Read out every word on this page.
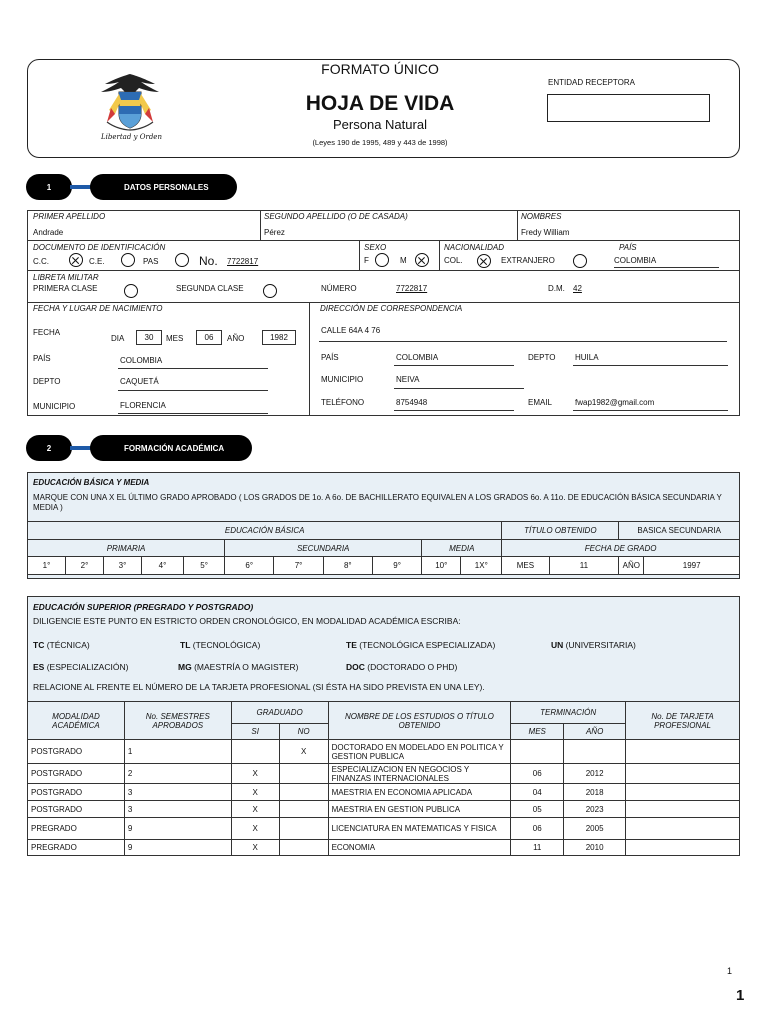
Libertad y Orden
FORMATO ÚNICO
HOJA DE VIDA
Persona Natural
(Leyes 190 de 1995, 489 y 443 de 1998)
ENTIDAD RECEPTORA
1	DATOS PERSONALES
PRIMER APELLIDO
Andrade
SEGUNDO APELLIDO (O DE CASADA)
Pérez
NOMBRES
Fredy William
DOCUMENTO DE IDENTIFICACIÓN
C.C.	C.E.	PAS	No. 7722817
SEXO
F	M
NACIONALIDAD
COL.	EXTRANJERO
PAÍS
COLOMBIA
LIBRETA MILITAR
PRIMERA CLASE	SEGUNDA CLASE	NÚMERO	7722817	D.M. 42
FECHA Y LUGAR DE NACIMIENTO
FECHA
DIA	30	MES	06	AÑO	1982
PAÍS	COLOMBIA
DEPTO	CAQUETÁ
MUNICIPIO	FLORENCIA
DIRECCIÓN DE CORRESPONDENCIA
CALLE 64A 4 76
PAÍS	COLOMBIA	DEPTO HUILA
MUNICIPIO	NEIVA
TELÉFONO	8754948	EMAIL	fwap1982@gmail.com
2	FORMACIÓN ACADÉMICA
EDUCACIÓN BÁSICA Y MEDIA
MARQUE CON UNA X EL ÚLTIMO GRADO APROBADO ( LOS GRADOS DE 1o. A 6o. DE BACHILLERATO EQUIVALEN A LOS GRADOS 6o. A 11o. DE EDUCACIÓN BÁSICA SECUNDARIA Y MEDIA )
EDUCACIÓN BÁSICA											TÍTULO OBTENIDO		BASICA SECUNDARIA	
PRIMARIA					SECUNDARIA				MEDIA		FECHA DE GRADO			
1°	2°	3°	4°	5°	6°	7°	8°	9°	10°	1X°	MES	11	AÑO	1997
EDUCACIÓN SUPERIOR (PREGRADO Y POSTGRADO)
DILIGENCIE ESTE PUNTO EN ESTRICTO ORDEN CRONOLÓGICO, EN MODALIDAD ACADÉMICA ESCRIBA:
TC (TÉCNICA)	TL (TECNOLÓGICA)	TE (TECNOLÓGICA ESPECIALIZADA)	UN (UNIVERSITARIA)
ES (ESPECIALIZACIÓN)	MG (MAESTRÍA O MAGISTER)	DOC (DOCTORADO O PHD)
RELACIONE AL FRENTE EL NÚMERO DE LA TARJETA PROFESIONAL (SI ÉSTA HA SIDO PREVISTA EN UNA LEY).
MODALIDAD ACADÉMICA	No. SEMESTRES APROBADOS	GRADUADO		NOMBRE DE LOS ESTUDIOS O TÍTULO OBTENIDO	TERMINACIÓN		No. DE TARJETA PROFESIONAL
		SI	NO		MES	AÑO	
POSTGRADO	1		X	DOCTORADO EN MODELADO EN POLITICA Y GESTION PUBLICA			
POSTGRADO	2	X		ESPECIALIZACION EN NEGOCIOS Y FINANZAS INTERNACIONALES	06	2012	
POSTGRADO	3	X		MAESTRIA EN ECONOMIA APLICADA	04	2018	
POSTGRADO	3	X		MAESTRIA EN GESTION PUBLICA	05	2023	
PREGRADO	9	X		LICENCIATURA EN MATEMATICAS Y FISICA	06	2005	
PREGRADO	9	X		ECONOMIA	11	2010	
1
1
